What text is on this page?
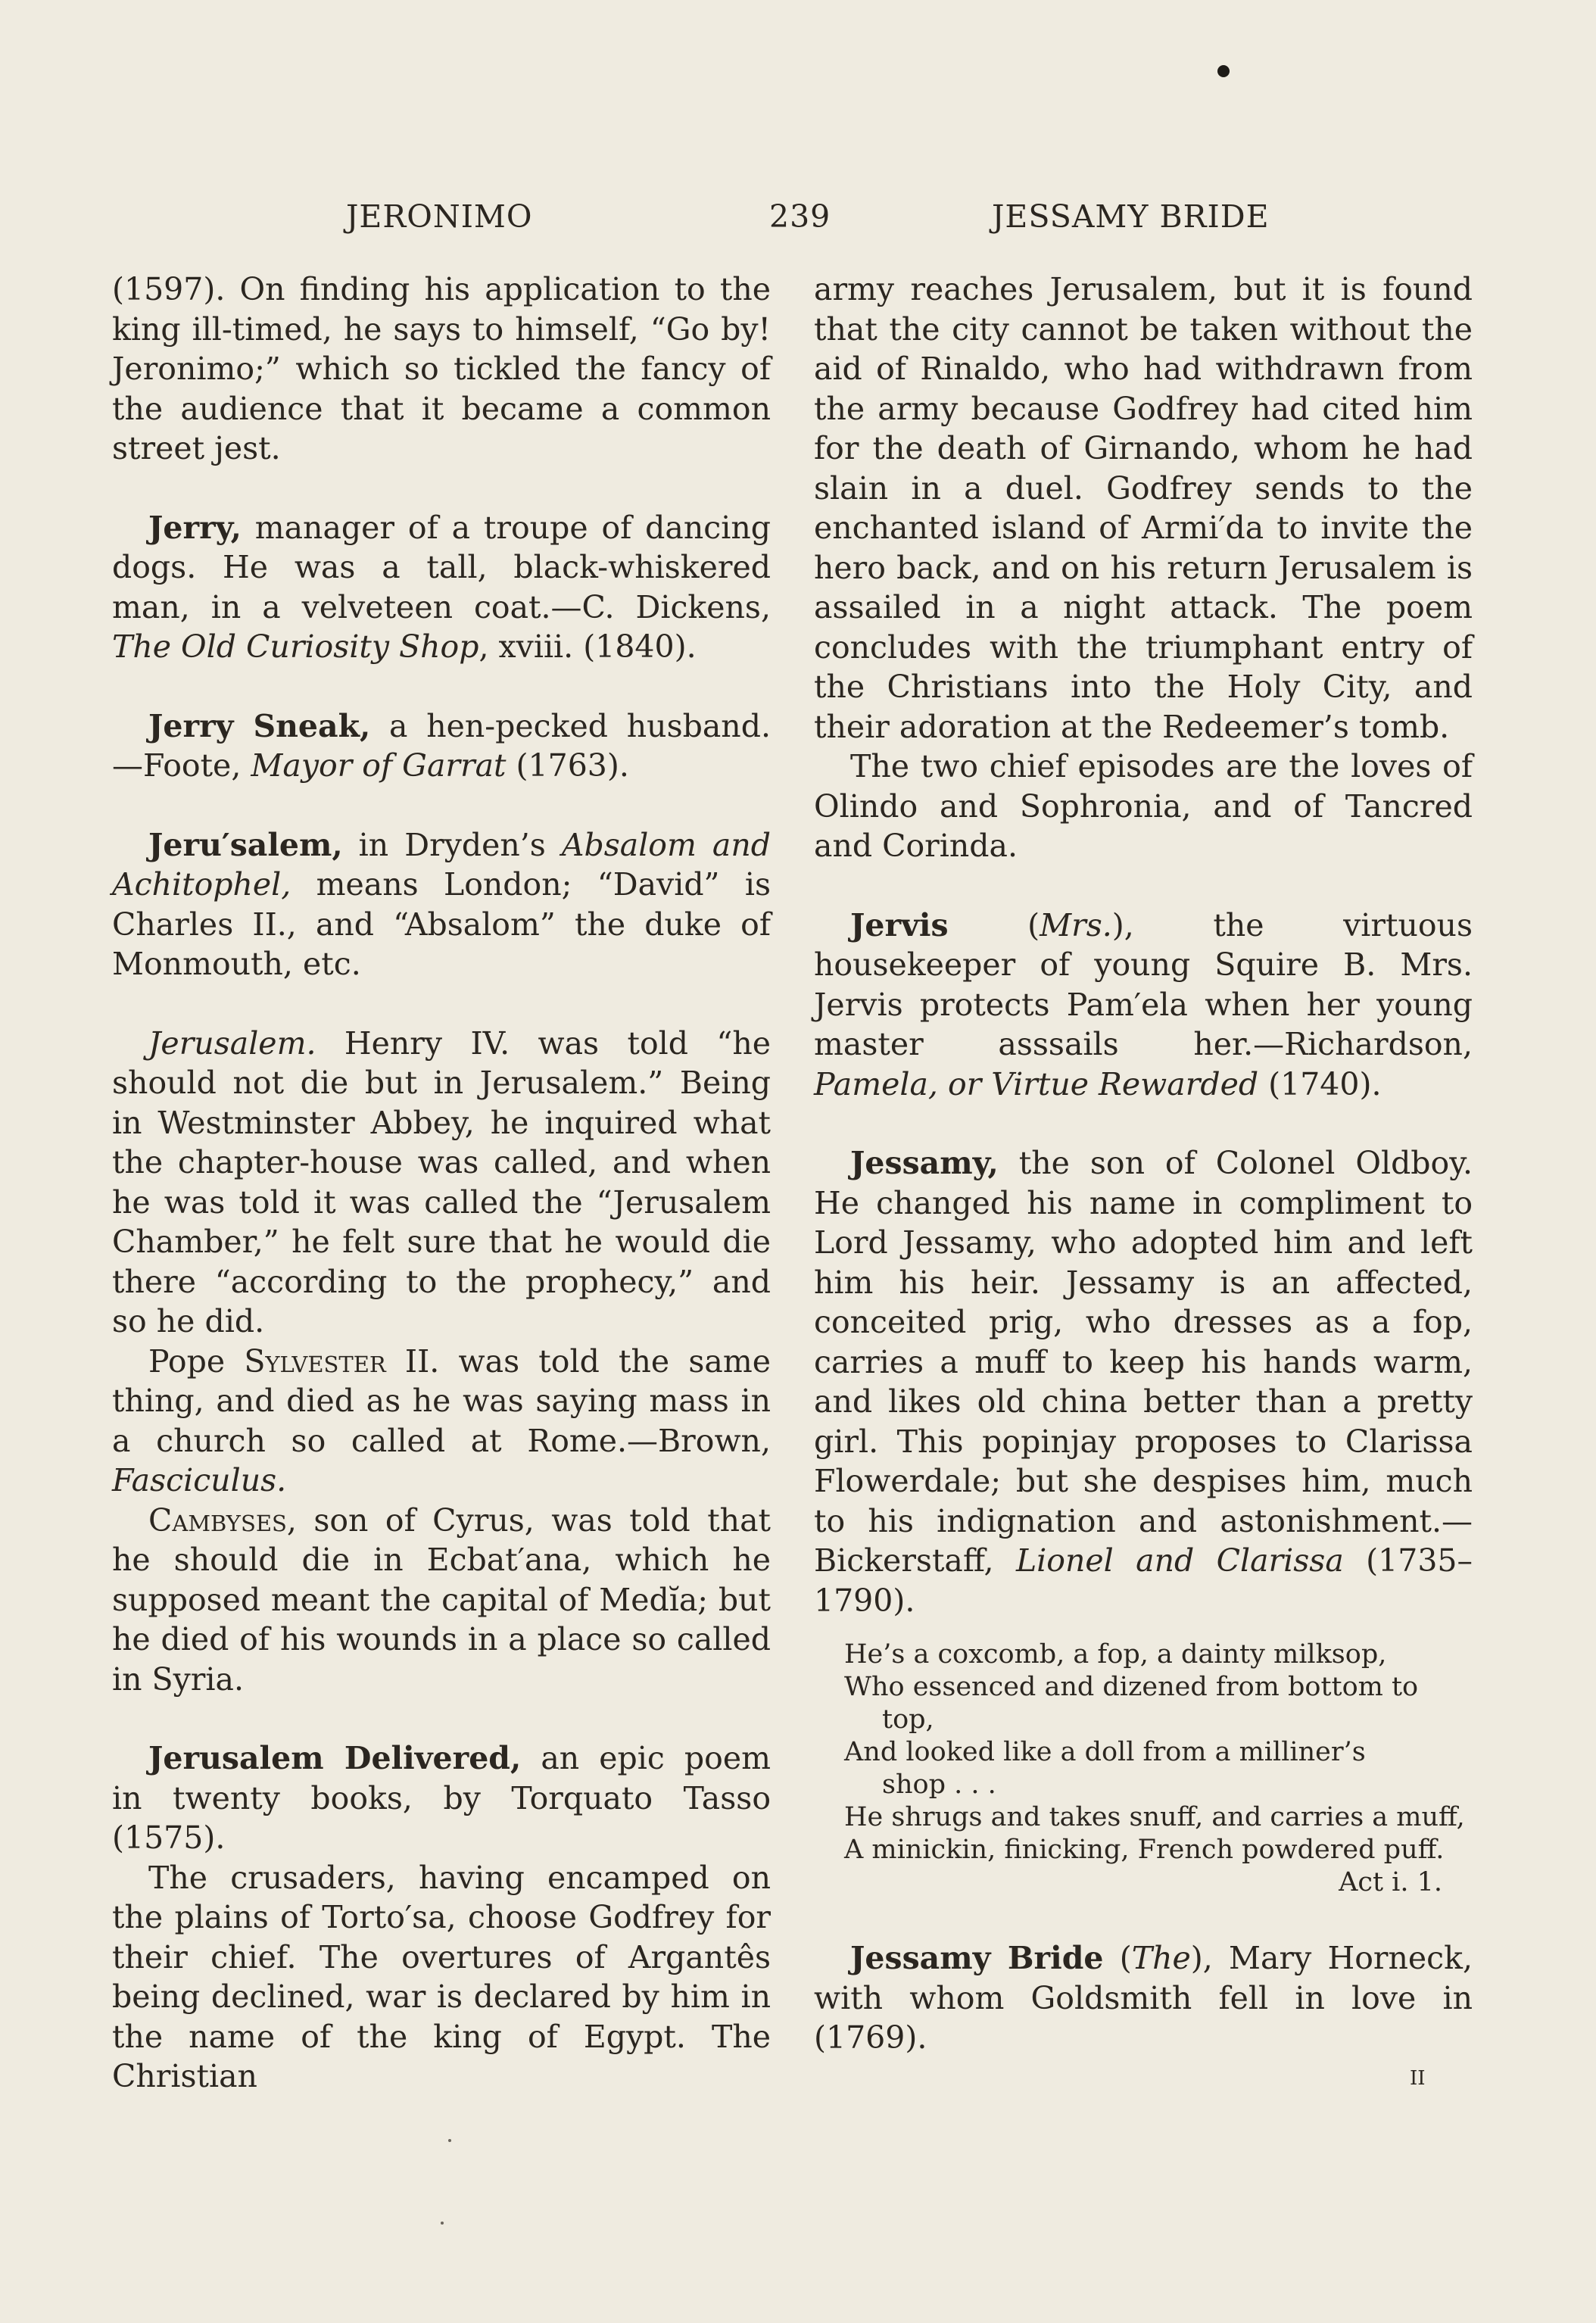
JERONIMO	239	JESSAMY BRIDE

(1597). On finding his application to the king ill-timed, he says to himself, “Go by! Jeronimo;” which so tickled the fancy of the audience that it became a common street jest.

Jerry, manager of a troupe of dancing dogs. He was a tall, black-whiskered man, in a velveteen coat.—C. Dickens, The Old Curiosity Shop, xviii. (1840).

Jerry Sneak, a hen-pecked husband. —Foote, Mayor of Garrat (1763).

Jeru′salem, in Dryden’s Absalom and Achitophel, means London; “David” is Charles II., and “Absalom” the duke of Monmouth, etc.

Jerusalem. Henry IV. was told “he should not die but in Jerusalem.” Being in Westminster Abbey, he inquired what the chapter-house was called, and when he was told it was called the “Jerusalem Chamber,” he felt sure that he would die there “according to the prophecy,” and so he did.

Pope Sylvester II. was told the same thing, and died as he was saying mass in a church so called at Rome.—Brown, Fasciculus.

Cambyses, son of Cyrus, was told that he should die in Ecbat′ana, which he supposed meant the capital of Medĭa; but he died of his wounds in a place so called in Syria.

Jerusalem Delivered, an epic poem in twenty books, by Torquato Tasso (1575).

The crusaders, having encamped on the plains of Torto′sa, choose Godfrey for their chief. The overtures of Argantês being declined, war is declared by him in the name of the king of Egypt. The Christian

army reaches Jerusalem, but it is found that the city cannot be taken without the aid of Rinaldo, who had withdrawn from the army because Godfrey had cited him for the death of Girnando, whom he had slain in a duel. Godfrey sends to the enchanted island of Armi′da to invite the hero back, and on his return Jerusalem is assailed in a night attack. The poem concludes with the triumphant entry of the Christians into the Holy City, and their adoration at the Redeemer’s tomb.

The two chief episodes are the loves of Olindo and Sophronia, and of Tancred and Corinda.

Jervis (Mrs.), the virtuous housekeeper of young Squire B. Mrs. Jervis protects Pam′ela when her young master asssails her.—Richardson, Pamela, or Virtue Rewarded (1740).

Jessamy, the son of Colonel Oldboy. He changed his name in compliment to Lord Jessamy, who adopted him and left him his heir. Jessamy is an affected, conceited prig, who dresses as a fop, carries a muff to keep his hands warm, and likes old china better than a pretty girl. This popinjay proposes to Clarissa Flowerdale; but she despises him, much to his indignation and astonishment.—Bickerstaff, Lionel and Clarissa (1735–1790).

He’s a coxcomb, a fop, a dainty milksop,
Who essenced and dizened from bottom to
top,
And looked like a doll from a milliner’s
shop . . .
He shrugs and takes snuff, and carries a muff,
A minickin, finicking, French powdered puff.
Act i. 1.

Jessamy Bride (The), Mary Horneck, with whom Goldsmith fell in love in (1769).

II
